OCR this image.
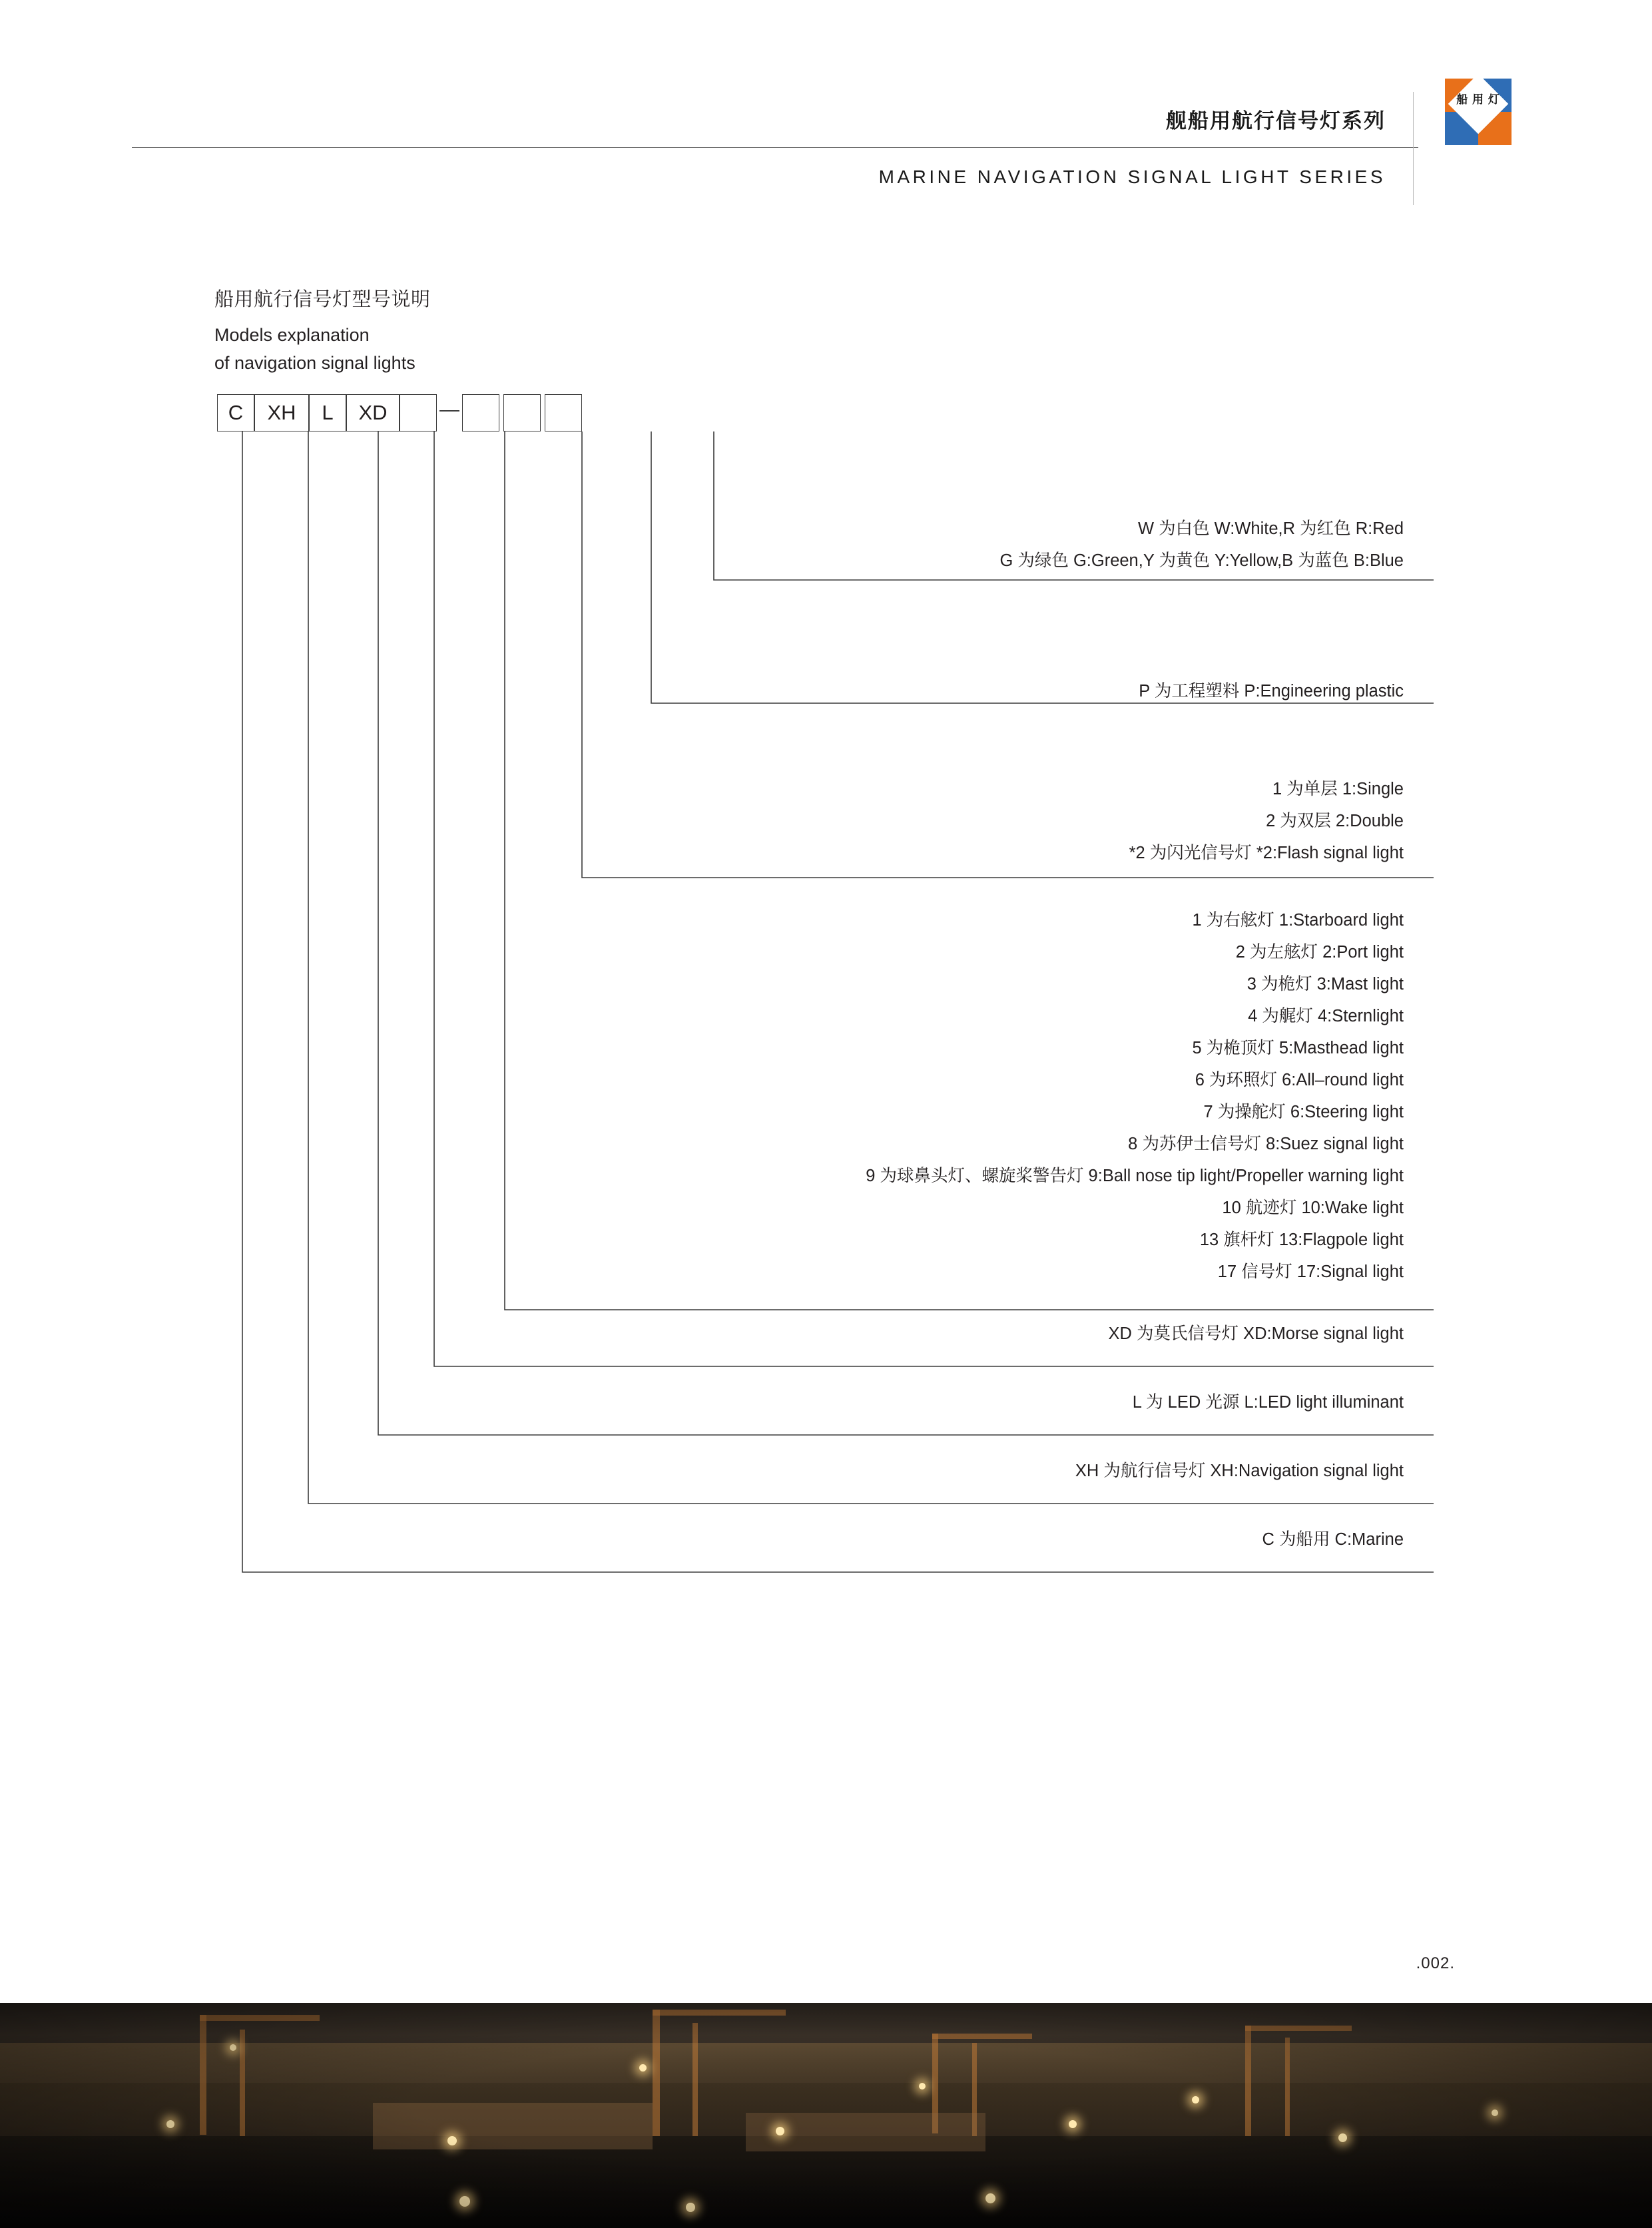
舰船用航行信号灯系列
MARINE NAVIGATION SIGNAL LIGHT SERIES
船 用 灯
船用航行信号灯型号说明
Models explanation
of navigation signal lights
C	XH	L	XD
W 为白色 W:White,R 为红色 R:Red
G 为绿色 G:Green,Y 为黄色 Y:Yellow,B 为蓝色 B:Blue
P 为工程塑料 P:Engineering plastic
1 为单层 1:Single
2 为双层 2:Double
*2 为闪光信号灯 *2:Flash signal light
1 为右舷灯 1:Starboard light
2 为左舷灯 2:Port light
3 为桅灯 3:Mast light
4 为艉灯 4:Sternlight
5 为桅顶灯 5:Masthead light
6 为环照灯 6:All–round light
7 为操舵灯 6:Steering light
8 为苏伊士信号灯 8:Suez signal light
9 为球鼻头灯、螺旋桨警告灯 9:Ball nose tip light/Propeller warning light
10 航迹灯 10:Wake light
13 旗杆灯 13:Flagpole light
17 信号灯 17:Signal light
XD 为莫氏信号灯 XD:Morse signal light
L 为 LED 光源 L:LED light illuminant
XH 为航行信号灯 XH:Navigation signal light
C 为船用 C:Marine
.002.
